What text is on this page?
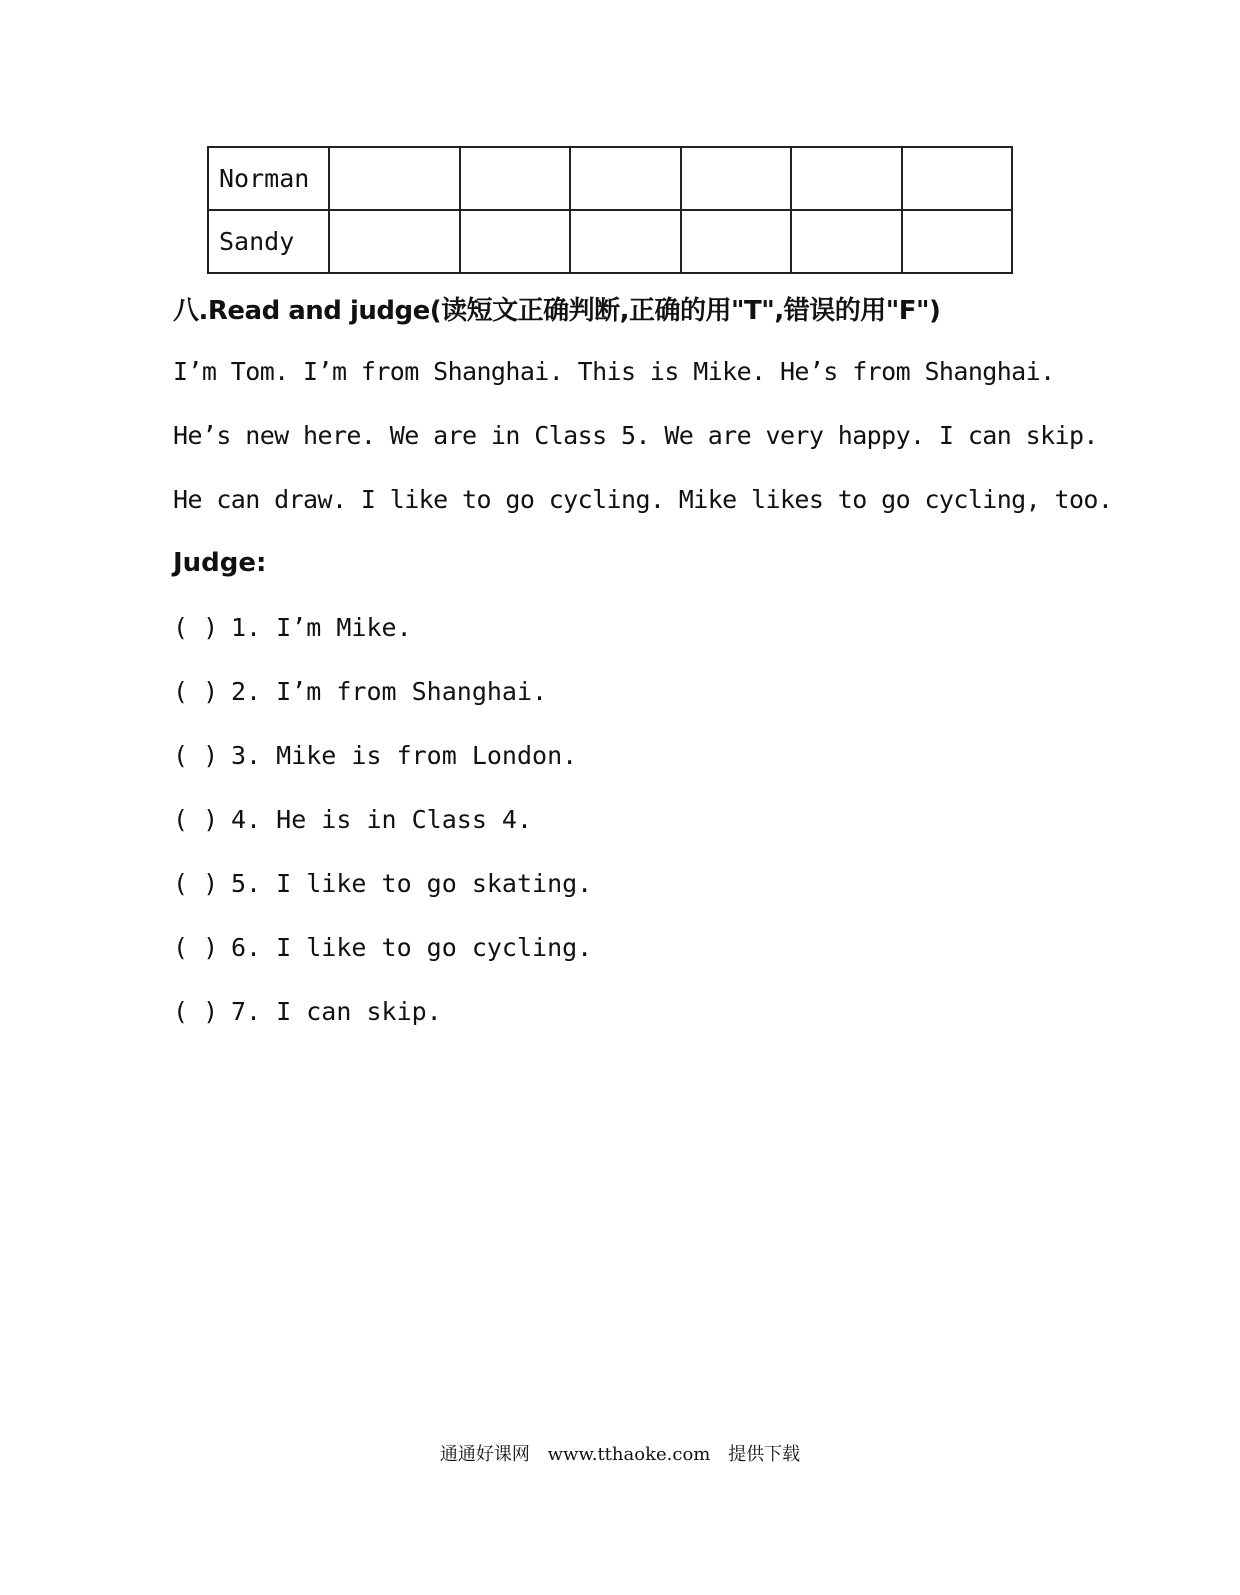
Norman						
Sandy						
八.Read and judge(读短文正确判断,正确的用"T",错误的用"F")
I’m Tom. I’m from Shanghai. This is Mike. He’s from Shanghai.
He’s new here. We are in Class 5. We are very happy. I can skip.
He can draw. I like to go cycling. Mike likes to go cycling, too.
Judge:
( ) 1. I’m Mike.
( ) 2. I’m from Shanghai.
( ) 3. Mike is from London.
( ) 4. He is in Class 4.
( ) 5. I like to go skating.
( ) 6. I like to go cycling.
( ) 7. I can skip.
通通好课网 www.tthaoke.com 提供下载
